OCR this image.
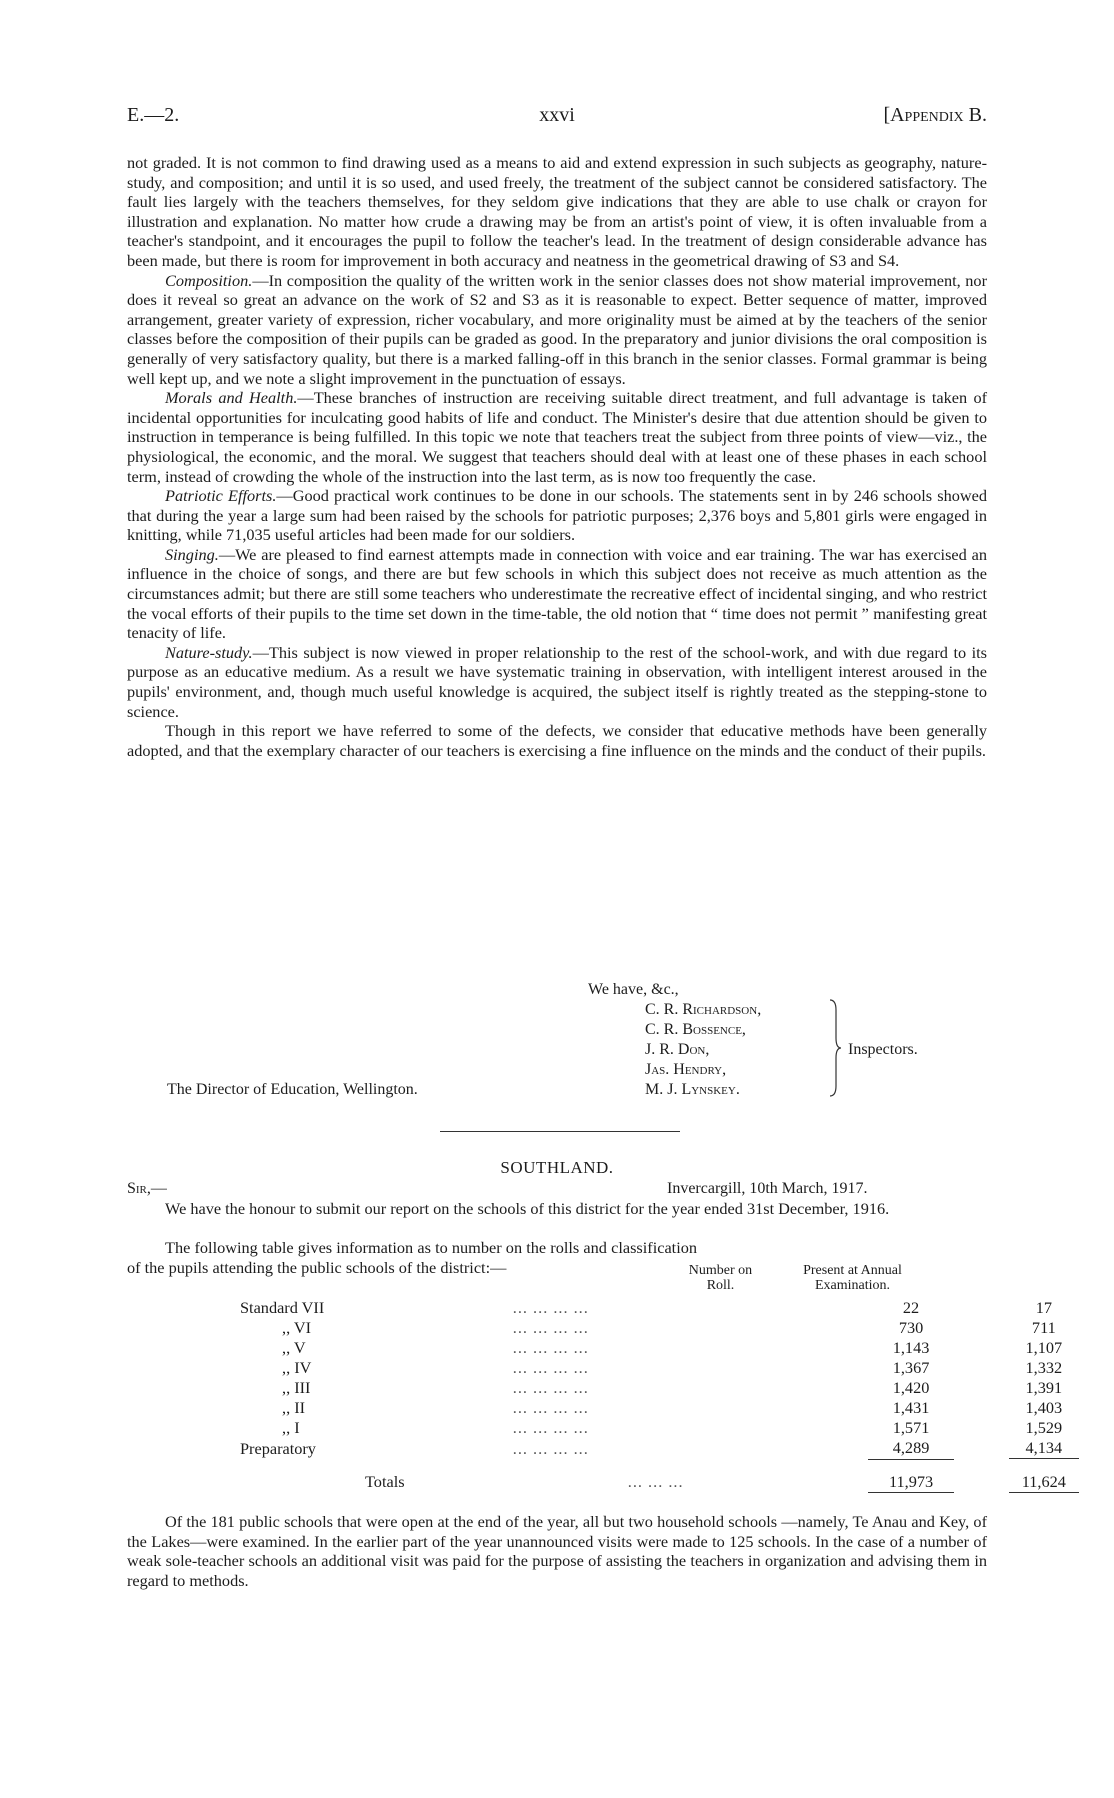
E.—2.	xxvi	[Appendix B.

not graded. It is not common to find drawing used as a means to aid and extend expression in such subjects as geography, nature-study, and composition; and until it is so used, and used freely, the treatment of the subject cannot be considered satisfactory. The fault lies largely with the teachers themselves, for they seldom give indications that they are able to use chalk or crayon for illustration and explanation. No matter how crude a drawing may be from an artist's point of view, it is often invaluable from a teacher's standpoint, and it encourages the pupil to follow the teacher's lead. In the treatment of design considerable advance has been made, but there is room for improvement in both accuracy and neatness in the geometrical drawing of S3 and S4.

Composition.—In composition the quality of the written work in the senior classes does not show material improvement, nor does it reveal so great an advance on the work of S2 and S3 as it is reasonable to expect. Better sequence of matter, improved arrangement, greater variety of expression, richer vocabulary, and more originality must be aimed at by the teachers of the senior classes before the composition of their pupils can be graded as good. In the preparatory and junior divisions the oral composition is generally of very satisfactory quality, but there is a marked falling-off in this branch in the senior classes. Formal grammar is being well kept up, and we note a slight improvement in the punctuation of essays.

Morals and Health.—These branches of instruction are receiving suitable direct treatment, and full advantage is taken of incidental opportunities for inculcating good habits of life and conduct. The Minister's desire that due attention should be given to instruction in temperance is being fulfilled. In this topic we note that teachers treat the subject from three points of view—viz., the physiological, the economic, and the moral. We suggest that teachers should deal with at least one of these phases in each school term, instead of crowding the whole of the instruction into the last term, as is now too frequently the case.

Patriotic Efforts.—Good practical work continues to be done in our schools. The statements sent in by 246 schools showed that during the year a large sum had been raised by the schools for patriotic purposes; 2,376 boys and 5,801 girls were engaged in knitting, while 71,035 useful articles had been made for our soldiers.

Singing.—We are pleased to find earnest attempts made in connection with voice and ear training. The war has exercised an influence in the choice of songs, and there are but few schools in which this subject does not receive as much attention as the circumstances admit; but there are still some teachers who underestimate the recreative effect of incidental singing, and who restrict the vocal efforts of their pupils to the time set down in the time-table, the old notion that “ time does not permit ” manifesting great tenacity of life.

Nature-study.—This subject is now viewed in proper relationship to the rest of the school-work, and with due regard to its purpose as an educative medium. As a result we have systematic training in observation, with intelligent interest aroused in the pupils' environment, and, though much useful knowledge is acquired, the subject itself is rightly treated as the stepping-stone to science.

Though in this report we have referred to some of the defects, we consider that educative methods have been generally adopted, and that the exemplary character of our teachers is exercising a fine influence on the minds and the conduct of their pupils.

We have, &c.,
C. R. Richardson,
C. R. Bossence,
J. R. Don,
Jas. Hendry,
M. J. Lynskey.
Inspectors.
The Director of Education, Wellington.
SOUTHLAND.
Sir,—	Invercargill, 10th March, 1917.

We have the honour to submit our report on the schools of this district for the year ended 31st December, 1916.

The following table gives information as to number on the rolls and classification of the pupils attending the public schools of the district:—	Number on Roll.
Present at Annual Examination.
Standard VII	... ... ... ...	22	17
,, VI	... ... ... ...	730	711
,, V	... ... ... ...	1,143	1,107
,, IV	... ... ... ...	1,367	1,332
,, III	... ... ... ...	1,420	1,391
,, II	... ... ... ...	1,431	1,403
,, I	... ... ... ...	1,571	1,529
Preparatory	... ... ... ...	4,289	4,134

Totals	... ... ...	11,973	11,624

Of the 181 public schools that were open at the end of the year, all but two household schools —namely, Te Anau and Key, of the Lakes—were examined. In the earlier part of the year unannounced visits were made to 125 schools. In the case of a number of weak sole-teacher schools an additional visit was paid for the purpose of assisting the teachers in organization and advising them in regard to methods.
